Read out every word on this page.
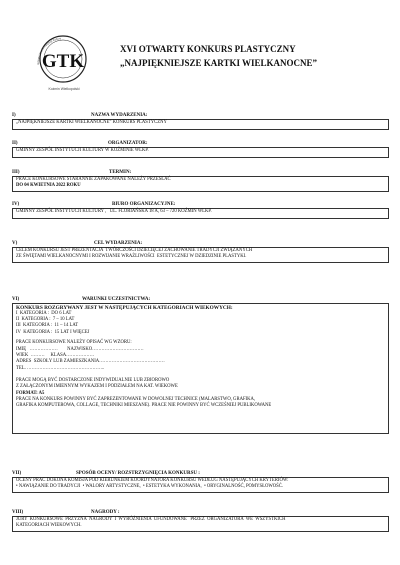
Gminny Zespół Instytucji Kultury
GTK
Koźmin Wielkopolski
XVI OTWARTY KONKURS PLASTYCZNY
„NAJPIĘKNIEJSZE KARTKI WIELKANOCNE”
I)	NAZWA WYDARZENIA:

„NAJPIĘKNIEJSZE KARTKI WIELKANOCNE” KONKURS PLASTYCZNY

II)	ORGANIZATOR:

GMINNY ZESPÓŁ INSTYTUCJI KULTURY W KOŹMINIE WLKP.

III)	TERMIN:

PRACE KONKURSOWE STARANNIE ZAPAKOWANE NALEŻY PRZESŁAĆ

DO 04 KWIETNIA 2022 ROKU

IV)	BIURO ORGANIZACYJNE:

GMINNY ZESPÓŁ INSTYTUCJI KULTURY ,   UL. FLORIAŃSKA 18 A, 63 – 720 KOŹMIN WLKP.

V)	CEL WYDARZENIA:

CELEM KONKURSU JEST PREZENTACJA  TWÓRCZOŚCI DZIECIĘCEJ ZACHOWANIE TRADYCJI ZWIĄZANYCH

ZE ŚWIĘTAMI WIELKANOCNYMI I ROZWIJANIE WRAŻLIWOŚCI  ESTETYCZNEJ W DZIEDZINIE PLASTYKI.

VI)	WARUNKI UCZESTNICTWA:

KONKURS ROZGRYWANY JEST W NASTĘPUJĄCYCH KATEGORIACH WIEKOWYCH:

I  KATEGORIA :  DO 6 LAT

II  KATEGORIA :  7 – 10 LAT

III  KATEGORIA :  11 – 14 LAT

IV  KATEGORIA :  15 LAT I WIĘCEJ

PRACE KONKURSOWE NALEŻY OPISAĆ WG WZORU:

IMIĘ   ………………        NAZWISKO……………………………

WIEK  ………     KLASA………………

ADRES  SZKOŁY LUB ZAMIESZKANIA……………………………………

TEL. …………………………………………..

PRACE MOGĄ BYĆ DOSTARCZONE INDYWIDUALNIE LUB ZBIOROWO

Z ZAŁĄCZONYM IMIENNYM WYKAZEM I PODZIAŁEM NA KAT. WIEKOWE

FORMAT: A5

PRACE NA KONKURS POWINNY BYĆ ZAPREZENTOWANE W DOWOLNEJ TECHNICE (MALARSTWO, GRAFIKA,

GRAFIKA KOMPUTEROWA, COLLAGE, TECHNIKI MIESZANE). PRACE NIE POWINNY BYĆ WCZEŚNIEJ PUBLIKOWANE

VII)	SPOSÓB OCENY/ ROZSTRZYGNIĘCIA KONKURSU :

OCENY PRAC DOKONA KOMISJA POD KIERUNKIEM KOORDYNATORA KONKURSU WEDŁUG NASTĘPUJĄCYCH KRYTERIÓW:

• NAWIĄZANIE DO TRADYCJI  • WALORY ARTYSTYCZNE,  • ESTETYKA WYKONANIA,  • ORYGINALNOŚĆ, POMYSŁOWOŚĆ.

VIII)	NAGRODY :

JURY  KONKURSOWE  PRZYZNA  NAGRODY  I  WYRÓŻNIENIA  UFUNDOWANE   PRZEZ  ORGANIZATORA  WE  WSZYSTKICH

KATEGORIACH WIEKOWYCH.
